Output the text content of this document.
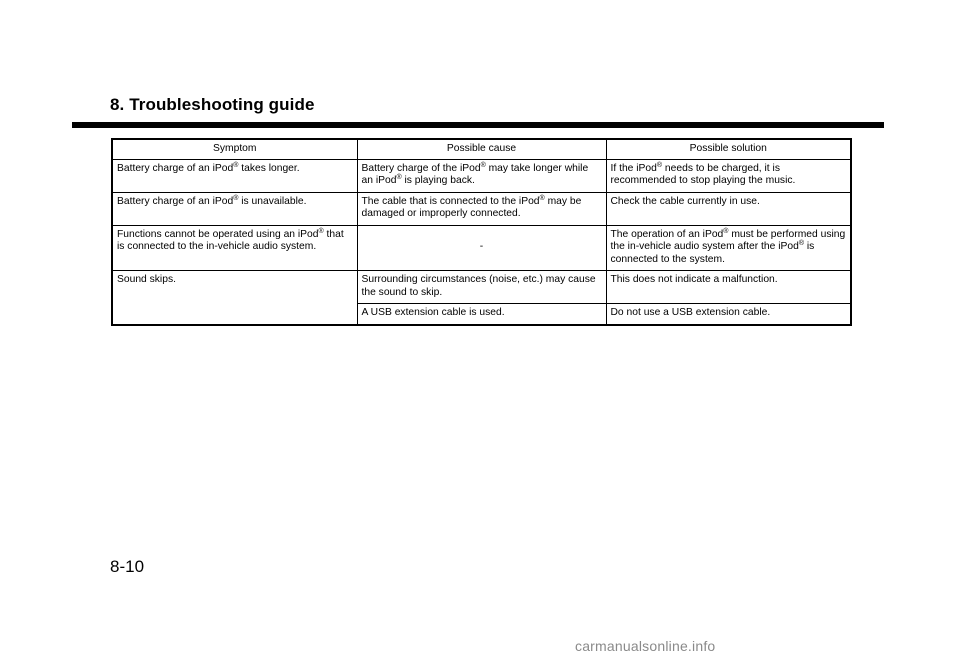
8. Troubleshooting guide
Symptom	Possible cause	Possible solution
Battery charge of an iPod® takes longer.	Battery charge of the iPod® may take longer while an iPod® is playing back.	If the iPod® needs to be charged, it is recommended to stop playing the music.
Battery charge of an iPod® is unavailable.	The cable that is connected to the iPod® may be damaged or improperly connected.	Check the cable currently in use.
Functions cannot be operated using an iPod® that is connected to the in-vehicle audio system.	-	The operation of an iPod® must be performed using the in-vehicle audio system after the iPod® is connected to the system.
Sound skips.	Surrounding circumstances (noise, etc.) may cause the sound to skip.	This does not indicate a malfunction.
	A USB extension cable is used.	Do not use a USB extension cable.
8-10
carmanualsonline.info
